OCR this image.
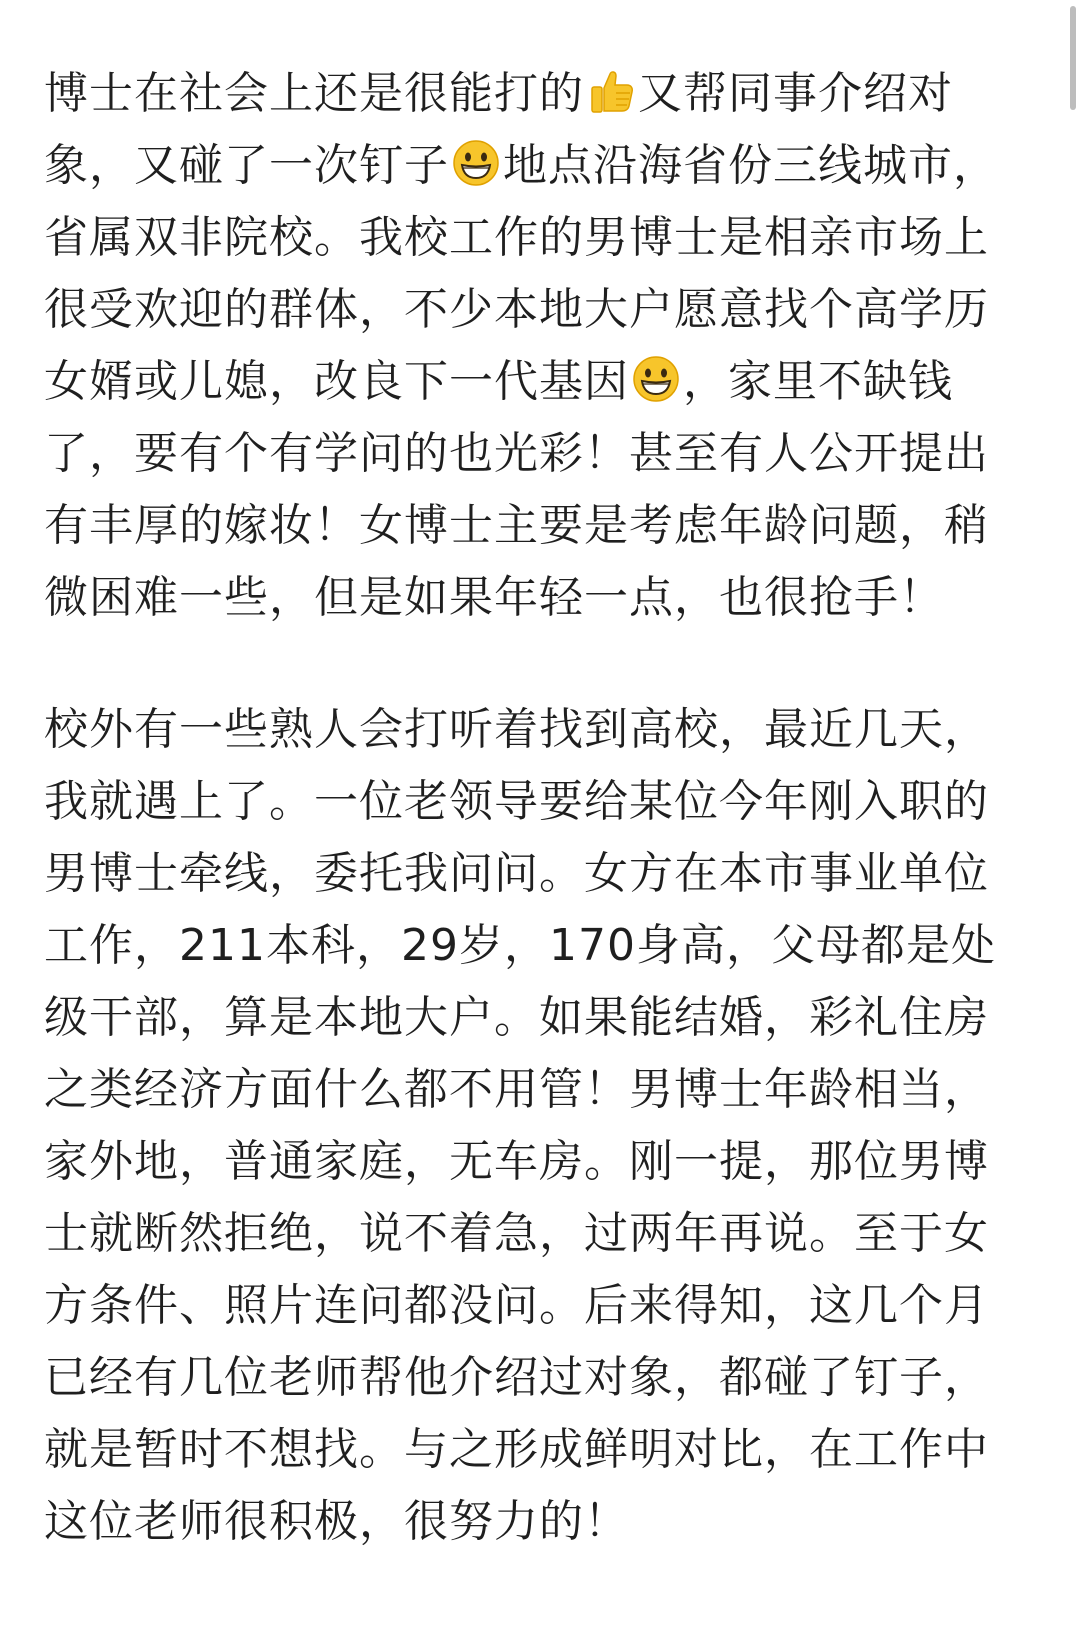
博士在社会上还是很能打的 又帮同事介绍对象，又碰了一次钉子 地点沿海省份三线城市，省属双非院校。我校工作的男博士是相亲市场上很受欢迎的群体，不少本地大户愿意找个高学历女婿或儿媳，改良下一代基因 ，家里不缺钱了，要有个有学问的也光彩！甚至有人公开提出有丰厚的嫁妆！女博士主要是考虑年龄问题，稍微困难一些，但是如果年轻一点，也很抢手！

校外有一些熟人会打听着找到高校，最近几天，我就遇上了。一位老领导要给某位今年刚入职的男博士牵线，委托我问问。女方在本市事业单位工作，211本科，29岁，170身高，父母都是处级干部，算是本地大户。如果能结婚，彩礼住房之类经济方面什么都不用管！男博士年龄相当，家外地，普通家庭，无车房。刚一提，那位男博士就断然拒绝，说不着急，过两年再说。至于女方条件、照片连问都没问。后来得知，这几个月已经有几位老师帮他介绍过对象，都碰了钉子，就是暂时不想找。与之形成鲜明对比，在工作中这位老师很积极，很努力的！
